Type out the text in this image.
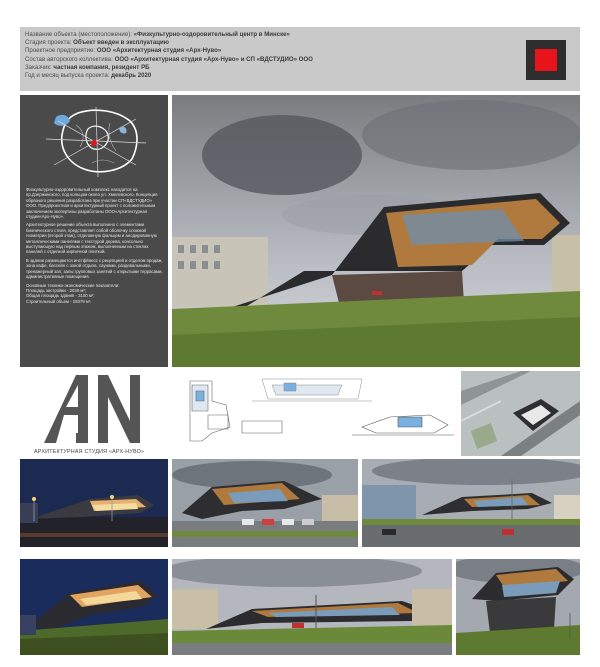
Название объекта (местоположение): «Физкультурно-оздоровительный центр в Минске»
Стадия проекта: Объект введен в эксплуатацию
Проектное предприятие: ООО «Архитектурная студия «Арх-Нуво»
Состав авторского коллектива: ООО «Архитектурная студия «Арх-Нуво» и СП «ВДСТУДИО» ООО
Заказчик: частная компания, резидент РБ
Год и месяц выпуска проекта: декабрь 2020

Физкультурно-оздоровительный комплекс находится на пр.Дзержинского, под кольцом около ул. Хмелевского. Концепция образного решения разработана при участии СП«ВДСТУДИО» ООО. Предпроектная и архитектурный проект с положительным заключением экспертизы разработаны ООО«Архитектурная студия«Арх-Нуво».

Архитектурное решение объекта выполнено с элементами бионического стиля, представляет собой оболочку сложной геометрии (второй этаж), отделанную фальцем и анодированную металлическими панелями с текстурой дерева, консольно выступающую над первым этажом, выполненным на стеклах панелей с отделкой кирпичной плиткой.

В здании размещаются инстфйнесс с рецепцией и отделом продаж, зона кафе, бассейн с зоной отдыха, саунами, раздевальными, тренажерный зал, залы групповых занятий с открытыми террасами, административные помещения.

Основные технико-экономические показатели:
Площадь застройки - 2030 м²;
Общая площадь здания - 3100 м²;
Строительный объем - 19379 м³.

АРХИТЕКТУРНАЯ СТУДИЯ «АРХ-НУВО»
